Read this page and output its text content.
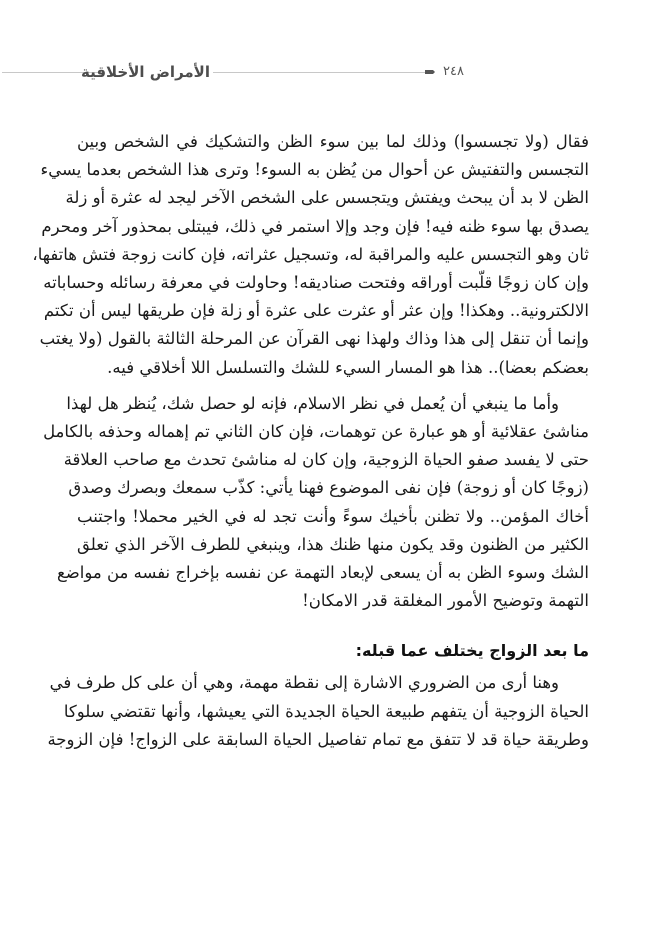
الأمراض الأخلاقية	٢٤٨

فقال (ولا تجسسوا) وذلك لما بين سوء الظن والتشكيك في الشخص وبين
التجسس والتفتيش عن أحوال من يُظن به السوء! وترى هذا الشخص بعدما يسيء
الظن لا بد أن يبحث ويفتش ويتجسس على الشخص الآخر ليجد له عثرة أو زلة
يصدق بها سوء ظنه فيه! فإن وجد وإلا استمر في ذلك، فيبتلى بمحذور آخر ومحرم
ثان وهو التجسس عليه والمراقبة له، وتسجيل عثراته، فإن كانت زوجة فتش هاتفها،
وإن كان زوجًا قلّبت أوراقه وفتحت صناديقه! وحاولت في معرفة رسائله وحساباته
الالكترونية.. وهكذا! وإن عثر أو عثرت على عثرة أو زلة فإن طريقها ليس أن تكتم
وإنما أن تنقل إلى هذا وذاك ولهذا نهى القرآن عن المرحلة الثالثة بالقول (ولا يغتب
بعضكم بعضا).. هذا هو المسار السيء للشك والتسلسل اللا أخلاقي فيه.

وأما ما ينبغي أن يُعمل في نظر الاسلام، فإنه لو حصل شك، يُنظر هل لهذا
مناشئ عقلائية أو هو عبارة عن توهمات، فإن كان الثاني تم إهماله وحذفه بالكامل
حتى لا يفسد صفو الحياة الزوجية، وإن كان له مناشئ تحدث مع صاحب العلاقة
(زوجًا كان أو زوجة) فإن نفى الموضوع فهنا يأتي: كذّب سمعك وبصرك وصدق
أخاك المؤمن.. ولا تظنن بأخيك سوءً وأنت تجد له في الخير محملا! واجتنب
الكثير من الظنون وقد يكون منها ظنك هذا، وينبغي للطرف الآخر الذي تعلق
الشك وسوء الظن به أن يسعى لإبعاد التهمة عن نفسه بإخراج نفسه من مواضع
التهمة وتوضيح الأمور المغلقة قدر الامكان!

ما بعد الزواج يختلف عما قبله:

وهنا أرى من الضروري الاشارة إلى نقطة مهمة، وهي أن على كل طرف في
الحياة الزوجية أن يتفهم طبيعة الحياة الجديدة التي يعيشها، وأنها تقتضي سلوكا
وطريقة حياة قد لا تتفق مع تمام تفاصيل الحياة السابقة على الزواج! فإن الزوجة
